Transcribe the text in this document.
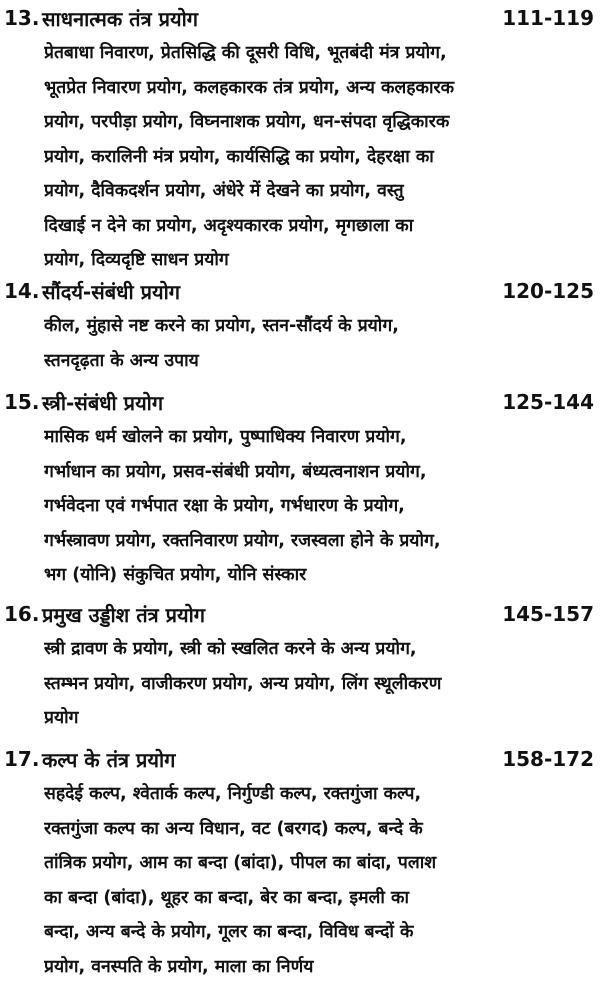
13. साधनात्मक तंत्र प्रयोग	111-119
प्रेतबाधा निवारण, प्रेतसिद्धि की दूसरी विधि, भूतबंदी मंत्र प्रयोग,
भूतप्रेत निवारण प्रयोग, कलहकारक तंत्र प्रयोग, अन्य कलहकारक
प्रयोग, परपीड़ा प्रयोग, विघ्ननाशक प्रयोग, धन-संपदा वृद्धिकारक
प्रयोग, करालिनी मंत्र प्रयोग, कार्यसिद्धि का प्रयोग, देहरक्षा का
प्रयोग, दैविकदर्शन प्रयोग, अंधेरे में देखने का प्रयोग, वस्तु
दिखाई न देने का प्रयोग, अदृश्यकारक प्रयोग, मृगछाला का
प्रयोग, दिव्यदृष्टि साधन प्रयोग
14. सौंदर्य-संबंधी प्रयोग	120-125
कील, मुंहासे नष्ट करने का प्रयोग, स्तन-सौंदर्य के प्रयोग,
स्तनदृढ़ता के अन्य उपाय
15. स्त्री-संबंधी प्रयोग	125-144
मासिक धर्म खोलने का प्रयोग, पुष्पाधिक्य निवारण प्रयोग,
गर्भाधान का प्रयोग, प्रसव-संबंधी प्रयोग, बंध्यत्वनाशन प्रयोग,
गर्भवेदना एवं गर्भपात रक्षा के प्रयोग, गर्भधारण के प्रयोग,
गर्भस्त्रावण प्रयोग, रक्तनिवारण प्रयोग, रजस्वला होने के प्रयोग,
भग (योनि) संकुचित प्रयोग, योनि संस्कार
16. प्रमुख उड्डीश तंत्र प्रयोग	145-157
स्त्री द्रावण के प्रयोग, स्त्री को स्खलित करने के अन्य प्रयोग,
स्तम्भन प्रयोग, वाजीकरण प्रयोग, अन्य प्रयोग, लिंग स्थूलीकरण
प्रयोग
17. कल्प के तंत्र प्रयोग	158-172
सहदेई कल्प, श्वेतार्क कल्प, निर्गुण्डी कल्प, रक्तगुंजा कल्प,
रक्तगुंजा कल्प का अन्य विधान, वट (बरगद) कल्प, बन्दे के
तांत्रिक प्रयोग, आम का बन्दा (बांदा), पीपल का बांदा, पलाश
का बन्दा (बांदा), थूहर का बन्दा, बेर का बन्दा, इमली का
बन्दा, अन्य बन्दे के प्रयोग, गूलर का बन्दा, विविध बन्दों के
प्रयोग, वनस्पति के प्रयोग, माला का निर्णय
